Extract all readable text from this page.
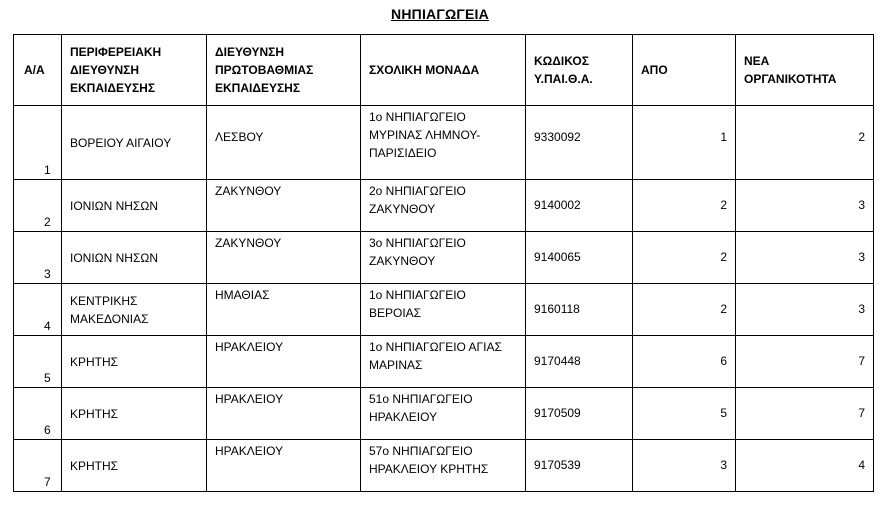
ΝΗΠΙΑΓΩΓΕΙΑ
Α/Α	ΠΕΡΙΦΕΡΕΙΑΚΗ ΔΙΕΥΘΥΝΣΗ ΕΚΠΑΙΔΕΥΣΗΣ	ΔΙΕΥΘΥΝΣΗ ΠΡΩΤΟΒΑΘΜΙΑΣ ΕΚΠΑΙΔΕΥΣΗΣ	ΣΧΟΛΙΚΗ ΜΟΝΑΔΑ	ΚΩΔΙΚΟΣ Υ.ΠΑΙ.Θ.Α.	ΑΠΟ	ΝΕΑ ΟΡΓΑΝΙΚΟΤΗΤΑ
1	ΒΟΡΕΙΟΥ ΑΙΓΑΙΟΥ	ΛΕΣΒΟΥ	1ο ΝΗΠΙΑΓΩΓΕΙΟ ΜΥΡΙΝΑΣ ΛΗΜΝΟΥ-ΠΑΡΙΣΙΔΕΙΟ	9330092	1	2
2	ΙΟΝΙΩΝ ΝΗΣΩΝ	ΖΑΚΥΝΘΟΥ	2ο ΝΗΠΙΑΓΩΓΕΙΟ ΖΑΚΥΝΘΟΥ	9140002	2	3
3	ΙΟΝΙΩΝ ΝΗΣΩΝ	ΖΑΚΥΝΘΟΥ	3ο ΝΗΠΙΑΓΩΓΕΙΟ ΖΑΚΥΝΘΟΥ	9140065	2	3
4	ΚΕΝΤΡΙΚΗΣ ΜΑΚΕΔΟΝΙΑΣ	ΗΜΑΘΙΑΣ	1ο ΝΗΠΙΑΓΩΓΕΙΟ ΒΕΡΟΙΑΣ	9160118	2	3
5	ΚΡΗΤΗΣ	ΗΡΑΚΛΕΙΟΥ	1ο ΝΗΠΙΑΓΩΓΕΙΟ ΑΓΙΑΣ ΜΑΡΙΝΑΣ	9170448	6	7
6	ΚΡΗΤΗΣ	ΗΡΑΚΛΕΙΟΥ	51ο ΝΗΠΙΑΓΩΓΕΙΟ ΗΡΑΚΛΕΙΟΥ	9170509	5	7
7	ΚΡΗΤΗΣ	ΗΡΑΚΛΕΙΟΥ	57ο ΝΗΠΙΑΓΩΓΕΙΟ ΗΡΑΚΛΕΙΟΥ ΚΡΗΤΗΣ	9170539	3	4
